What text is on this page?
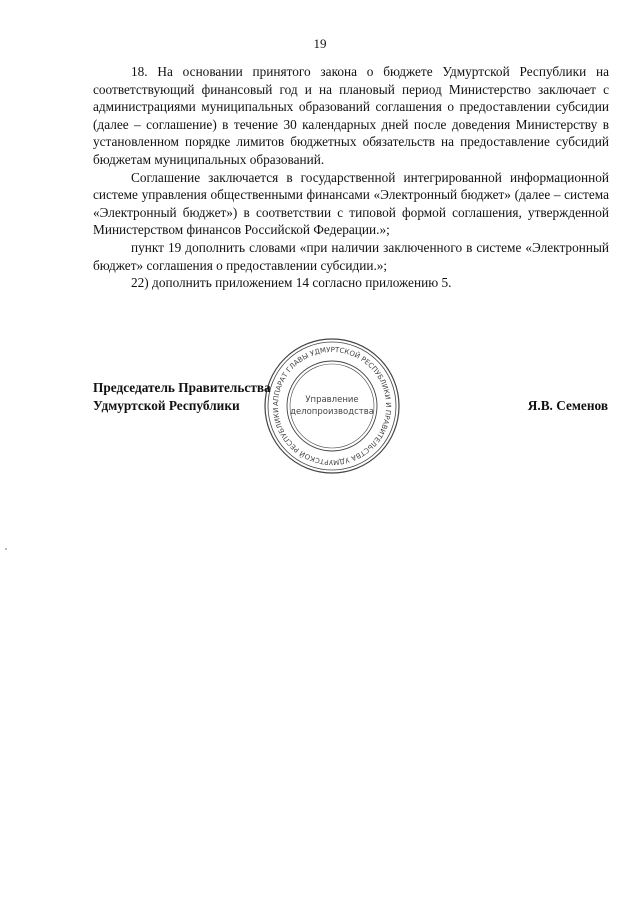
19

18. На основании принятого закона о бюджете Удмуртской Республики на соответствующий финансовый год и на плановый период Министерство заключает с администрациями муниципальных образований соглашения о предоставлении субсидии (далее – соглашение) в течение 30 календарных дней после доведения Министерству в установленном порядке лимитов бюджетных обязательств на предоставление субсидий бюджетам муниципальных образований.

Соглашение заключается в государственной интегрированной информационной системе управления общественными финансами «Электронный бюджет» (далее – система «Электронный бюджет») в соответствии с типовой формой соглашения, утвержденной Министерством финансов Российской Федерации.»;

пункт 19 дополнить словами «при наличии заключенного в системе «Электронный бюджет» соглашения о предоставлении субсидии.»;

22) дополнить приложением 14 согласно приложению 5.

Председатель Правительства
Удмуртской Республики	АППАРАТ ГЛАВЫ УДМУРТСКОЙ РЕСПУБЛИКИ И ПРАВИТЕЛЬСТВА УДМУРТСКОЙ РЕСПУБЛИКИ
Управление
делопроизводства	Я.В. Семенов
